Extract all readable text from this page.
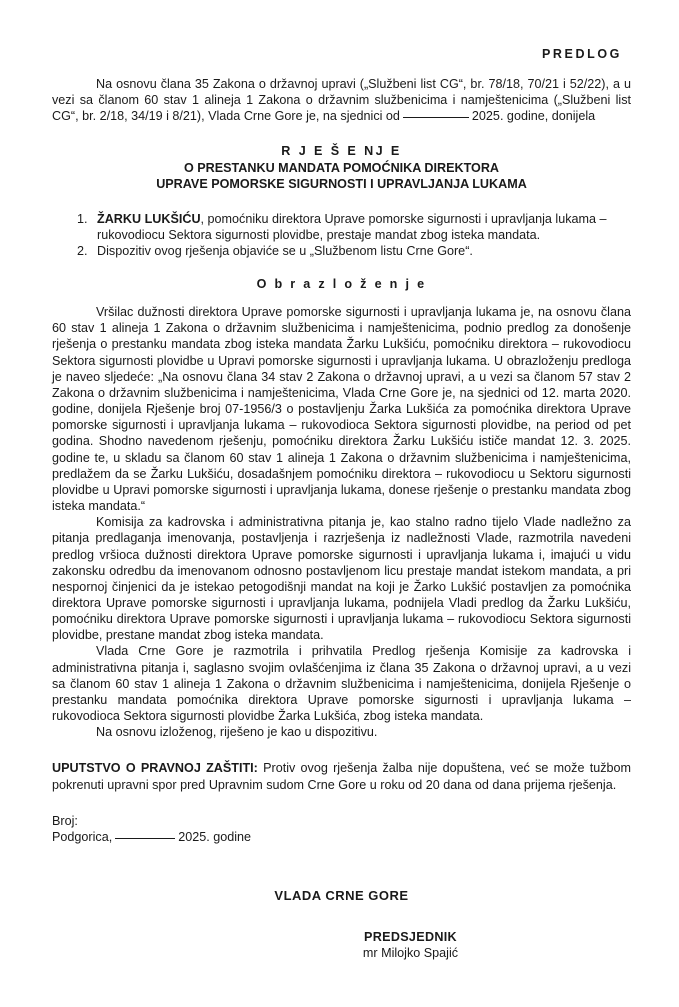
PREDLOG

Na osnovu člana 35 Zakona o državnoj upravi („Službeni list CG“, br. 78/18, 70/21 i 52/22), a u vezi sa članom 60 stav 1 alineja 1 Zakona o državnim službenicima i namještenicima („Službeni list CG“, br. 2/18, 34/19 i 8/21), Vlada Crne Gore je, na sjednici od	2025. godine, donijela

R J E Š E NJ E
O PRESTANKU MANDATA POMOĆNIKA DIREKTORA
UPRAVE POMORSKE SIGURNOSTI I UPRAVLJANJA LUKAMA

1. ŽARKU LUKŠIĆU, pomoćniku direktora Uprave pomorske sigurnosti i upravljanja lukama – rukovodiocu Sektora sigurnosti plovidbe, prestaje mandat zbog isteka mandata.

2. Dispozitiv ovog rješenja objaviće se u „Službenom listu Crne Gore“.

O b r a z l o ž e n j e

Vršilac dužnosti direktora Uprave pomorske sigurnosti i upravljanja lukama je, na osnovu člana 60 stav 1 alineja 1 Zakona o državnim službenicima i namještenicima, podnio predlog za donošenje rješenja o prestanku mandata zbog isteka mandata Žarku Lukšiću, pomoćniku direktora – rukovodiocu Sektora sigurnosti plovidbe u Upravi pomorske sigurnosti i upravljanja lukama. U obrazloženju predloga je naveo sljedeće: „Na osnovu člana 34 stav 2 Zakona o državnoj upravi, a u vezi sa članom 57 stav 2 Zakona o državnim službenicima i namještenicima, Vlada Crne Gore je, na sjednici od 12. marta 2020. godine, donijela Rješenje broj 07-1956/3 o postavljenju Žarka Lukšića za pomoćnika direktora Uprave pomorske sigurnosti i upravljanja lukama – rukovodioca Sektora sigurnosti plovidbe, na period od pet godina. Shodno navedenom rješenju, pomoćniku direktora Žarku Lukšiću ističe mandat 12. 3. 2025. godine te, u skladu sa članom 60 stav 1 alineja 1 Zakona o državnim službenicima i namještenicima, predlažem da se Žarku Lukšiću, dosadašnjem pomoćniku direktora – rukovodiocu u Sektoru sigurnosti plovidbe u Upravi pomorske sigurnosti i upravljanja lukama, donese rješenje o prestanku mandata zbog isteka mandata.“

Komisija za kadrovska i administrativna pitanja je, kao stalno radno tijelo Vlade nadležno za pitanja predlaganja imenovanja, postavljenja i razrješenja iz nadležnosti Vlade, razmotrila navedeni predlog vršioca dužnosti direktora Uprave pomorske sigurnosti i upravljanja lukama i, imajući u vidu zakonsku odredbu da imenovanom odnosno postavljenom licu prestaje mandat istekom mandata, a pri nespornoj činjenici da je istekao petogodišnji mandat na koji je Žarko Lukšić postavljen za pomoćnika direktora Uprave pomorske sigurnosti i upravljanja lukama, podnijela Vladi predlog da Žarku Lukšiću, pomoćniku direktora Uprave pomorske sigurnosti i upravljanja lukama – rukovodiocu Sektora sigurnosti plovidbe, prestane mandat zbog isteka mandata.

Vlada Crne Gore je razmotrila i prihvatila Predlog rješenja Komisije za kadrovska i administrativna pitanja i, saglasno svojim ovlašćenjima iz člana 35 Zakona o državnoj upravi, a u vezi sa članom 60 stav 1 alineja 1 Zakona o državnim službenicima i namještenicima, donijela Rješenje o prestanku mandata pomoćnika direktora Uprave pomorske sigurnosti i upravljanja lukama – rukovodioca Sektora sigurnosti plovidbe Žarka Lukšića, zbog isteka mandata.

Na osnovu izloženog, riješeno je kao u dispozitivu.

UPUTSTVO O PRAVNOJ ZAŠTITI: Protiv ovog rješenja žalba nije dopuštena, već se može tužbom pokrenuti upravni spor pred Upravnim sudom Crne Gore u roku od 20 dana od dana prijema rješenja.
Broj:
Podgorica,	2025. godine
VLADA CRNE GORE
PREDSJEDNIK
mr Milojko Spajić
